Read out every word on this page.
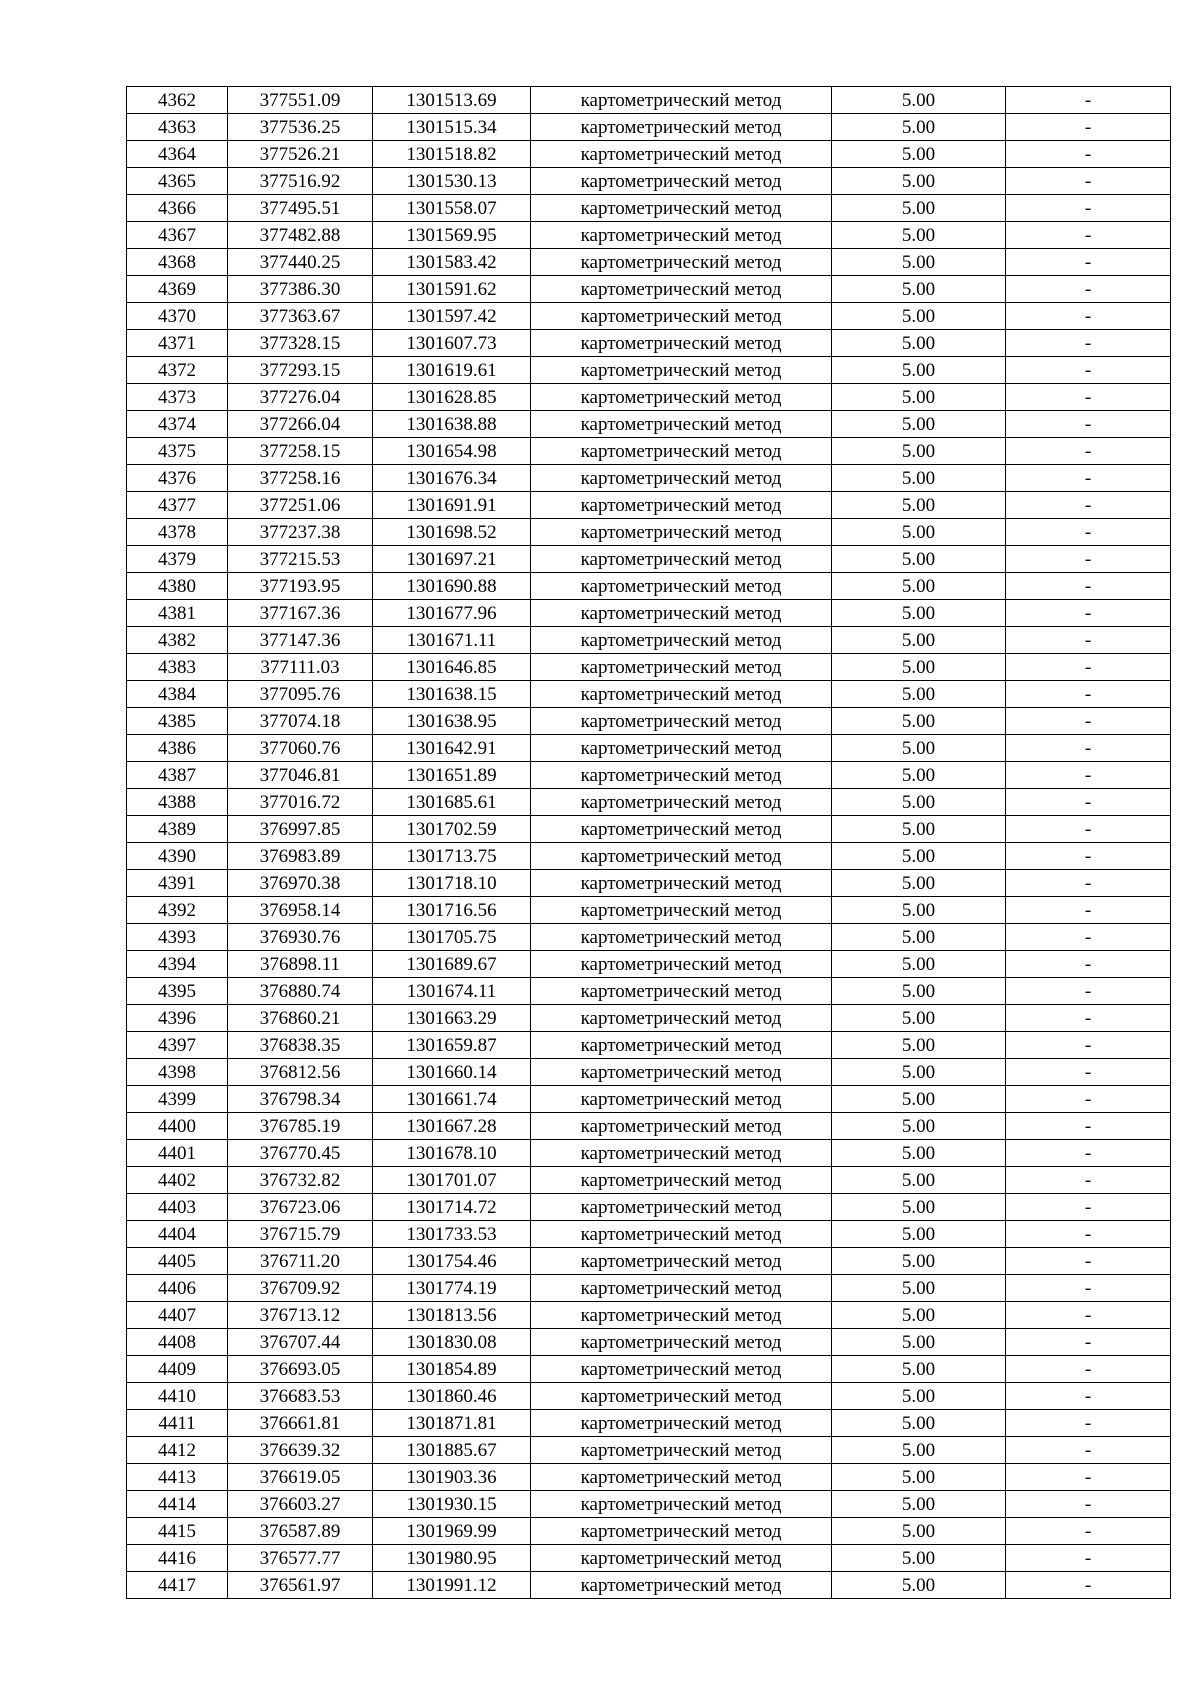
4362	377551.09	1301513.69	картометрический метод	5.00	-
4363	377536.25	1301515.34	картометрический метод	5.00	-
4364	377526.21	1301518.82	картометрический метод	5.00	-
4365	377516.92	1301530.13	картометрический метод	5.00	-
4366	377495.51	1301558.07	картометрический метод	5.00	-
4367	377482.88	1301569.95	картометрический метод	5.00	-
4368	377440.25	1301583.42	картометрический метод	5.00	-
4369	377386.30	1301591.62	картометрический метод	5.00	-
4370	377363.67	1301597.42	картометрический метод	5.00	-
4371	377328.15	1301607.73	картометрический метод	5.00	-
4372	377293.15	1301619.61	картометрический метод	5.00	-
4373	377276.04	1301628.85	картометрический метод	5.00	-
4374	377266.04	1301638.88	картометрический метод	5.00	-
4375	377258.15	1301654.98	картометрический метод	5.00	-
4376	377258.16	1301676.34	картометрический метод	5.00	-
4377	377251.06	1301691.91	картометрический метод	5.00	-
4378	377237.38	1301698.52	картометрический метод	5.00	-
4379	377215.53	1301697.21	картометрический метод	5.00	-
4380	377193.95	1301690.88	картометрический метод	5.00	-
4381	377167.36	1301677.96	картометрический метод	5.00	-
4382	377147.36	1301671.11	картометрический метод	5.00	-
4383	377111.03	1301646.85	картометрический метод	5.00	-
4384	377095.76	1301638.15	картометрический метод	5.00	-
4385	377074.18	1301638.95	картометрический метод	5.00	-
4386	377060.76	1301642.91	картометрический метод	5.00	-
4387	377046.81	1301651.89	картометрический метод	5.00	-
4388	377016.72	1301685.61	картометрический метод	5.00	-
4389	376997.85	1301702.59	картометрический метод	5.00	-
4390	376983.89	1301713.75	картометрический метод	5.00	-
4391	376970.38	1301718.10	картометрический метод	5.00	-
4392	376958.14	1301716.56	картометрический метод	5.00	-
4393	376930.76	1301705.75	картометрический метод	5.00	-
4394	376898.11	1301689.67	картометрический метод	5.00	-
4395	376880.74	1301674.11	картометрический метод	5.00	-
4396	376860.21	1301663.29	картометрический метод	5.00	-
4397	376838.35	1301659.87	картометрический метод	5.00	-
4398	376812.56	1301660.14	картометрический метод	5.00	-
4399	376798.34	1301661.74	картометрический метод	5.00	-
4400	376785.19	1301667.28	картометрический метод	5.00	-
4401	376770.45	1301678.10	картометрический метод	5.00	-
4402	376732.82	1301701.07	картометрический метод	5.00	-
4403	376723.06	1301714.72	картометрический метод	5.00	-
4404	376715.79	1301733.53	картометрический метод	5.00	-
4405	376711.20	1301754.46	картометрический метод	5.00	-
4406	376709.92	1301774.19	картометрический метод	5.00	-
4407	376713.12	1301813.56	картометрический метод	5.00	-
4408	376707.44	1301830.08	картометрический метод	5.00	-
4409	376693.05	1301854.89	картометрический метод	5.00	-
4410	376683.53	1301860.46	картометрический метод	5.00	-
4411	376661.81	1301871.81	картометрический метод	5.00	-
4412	376639.32	1301885.67	картометрический метод	5.00	-
4413	376619.05	1301903.36	картометрический метод	5.00	-
4414	376603.27	1301930.15	картометрический метод	5.00	-
4415	376587.89	1301969.99	картометрический метод	5.00	-
4416	376577.77	1301980.95	картометрический метод	5.00	-
4417	376561.97	1301991.12	картометрический метод	5.00	-
